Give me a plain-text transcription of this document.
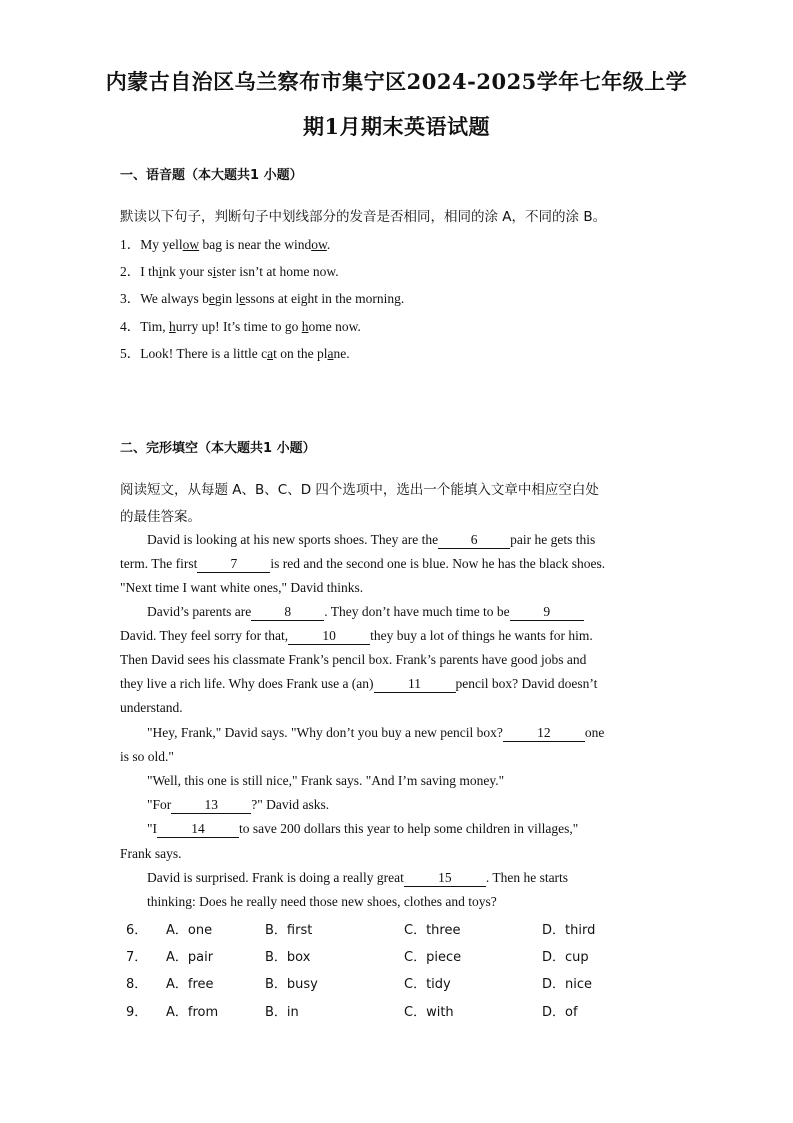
内蒙古自治区乌兰察布市集宁区2024-2025学年七年级上学
期1月期末英语试题
一、语音题（本大题共1 小题）
默读以下句子，判断句子中划线部分的发音是否相同，相同的涂 A，不同的涂 B。
1．My yellow bag is near the window.
2．I think your sister isn’t at home now.
3．We always begin lessons at eight in the morning.
4．Tim, hurry up! It’s time to go home now.
5．Look! There is a little cat on the plane.
二、完形填空（本大题共1 小题）
阅读短文，从每题 A、B、C、D 四个选项中，选出一个能填入文章中相应空白处
的最佳答案。
David is looking at his new sports shoes. They are the 6 pair he gets this
term. The first 7 is red and the second one is blue. Now he has the black shoes.
"Next time I want white ones," David thinks.
David’s parents are 8 . They don’t have much time to be 9
David. They feel sorry for that,	10	they buy a lot of things he wants for him.
Then David sees his classmate Frank’s pencil box. Frank’s parents have good jobs and
they live a rich life. Why does Frank use a (an)	11	pencil box? David doesn’t
understand.
"Hey, Frank," David says. "Why don’t you buy a new pencil box?	12	one
is so old."
"Well, this one is still nice," Frank says. "And I’m saving money."
"For 13 ?" David asks.
"I	14	to save 200 dollars this year to help some children in villages,"
Frank says.
David is surprised. Frank is doing a really great	15	. Then he starts
thinking: Does he really need those new shoes, clothes and toys?
6． A．one	B．first	C．three	D．third
7． A．pair	B．box	C．piece	D．cup
8． A．free	B．busy	C．tidy	D．nice
9． A．from	B．in	C．with	D．of
